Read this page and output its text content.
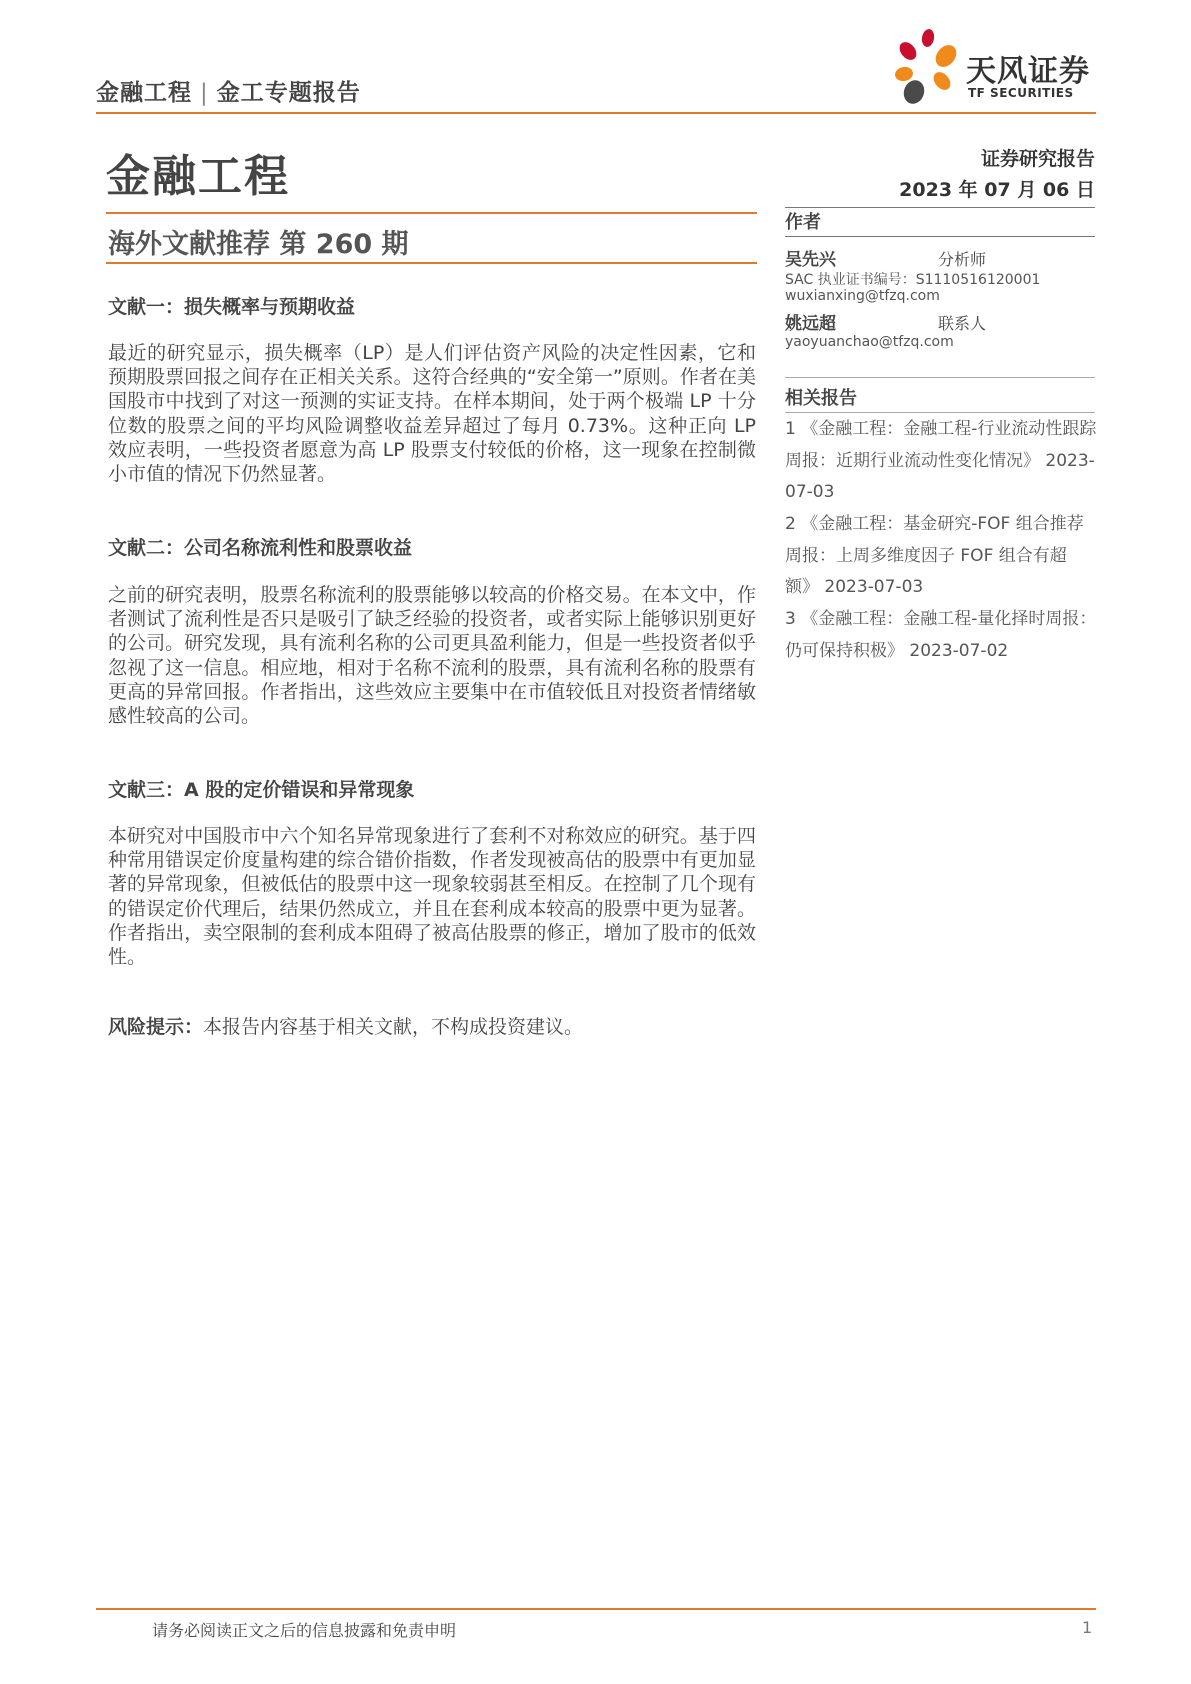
金融工程 | 金工专题报告
天风证券
TF SECURITIES
金融工程
海外文献推荐 第 260 期
文献一：损失概率与预期收益
最近的研究显示，损失概率（LP）是人们评估资产风险的决定性因素，它和预期股票回报之间存在正相关关系。这符合经典的“安全第一”原则。作者在美国股市中找到了对这一预测的实证支持。在样本期间，处于两个极端 LP 十分位数的股票之间的平均风险调整收益差异超过了每月 0.73%。这种正向 LP 效应表明，一些投资者愿意为高 LP 股票支付较低的价格，这一现象在控制微小市值的情况下仍然显著。
文献二：公司名称流利性和股票收益
之前的研究表明，股票名称流利的股票能够以较高的价格交易。在本文中，作者测试了流利性是否只是吸引了缺乏经验的投资者，或者实际上能够识别更好的公司。研究发现，具有流利名称的公司更具盈利能力，但是一些投资者似乎忽视了这一信息。相应地，相对于名称不流利的股票，具有流利名称的股票有更高的异常回报。作者指出，这些效应主要集中在市值较低且对投资者情绪敏感性较高的公司。
文献三：A 股的定价错误和异常现象
本研究对中国股市中六个知名异常现象进行了套利不对称效应的研究。基于四种常用错误定价度量构建的综合错价指数，作者发现被高估的股票中有更加显著的异常现象，但被低估的股票中这一现象较弱甚至相反。在控制了几个现有的错误定价代理后，结果仍然成立，并且在套利成本较高的股票中更为显著。作者指出，卖空限制的套利成本阻碍了被高估股票的修正，增加了股市的低效性。
风险提示：本报告内容基于相关文献，不构成投资建议。
证券研究报告
2023 年 07 月 06 日
作者
吴先兴	分析师
SAC 执业证书编号：S1110516120001
wuxianxing@tfzq.com
姚远超	联系人
yaoyuanchao@tfzq.com
相关报告
1 《金融工程：金融工程-行业流动性跟踪周报：近期行业流动性变化情况》 2023-07-03
2 《金融工程：基金研究-FOF 组合推荐周报：上周多维度因子 FOF 组合有超额》 2023-07-03
3 《金融工程：金融工程-量化择时周报：仍可保持积极》 2023-07-02
请务必阅读正文之后的信息披露和免责申明	1
